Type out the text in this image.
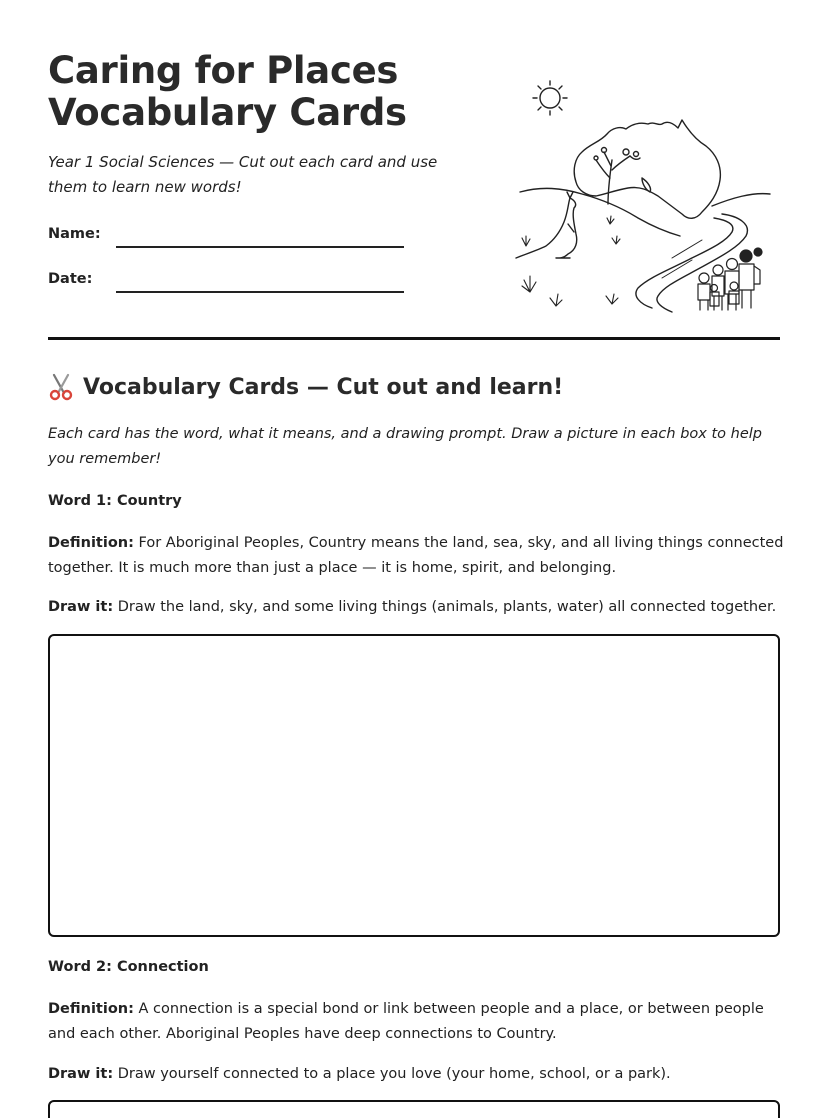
Caring for Places
Vocabulary Cards

Year 1 Social Sciences — Cut out each card and use them to learn new words!

Name:
Date:
Vocabulary Cards — Cut out and learn!

Each card has the word, what it means, and a drawing prompt. Draw a picture in each box to help you remember!

Word 1: Country

Definition: For Aboriginal Peoples, Country means the land, sea, sky, and all living things connected together. It is much more than just a place — it is home, spirit, and belonging.

Draw it: Draw the land, sky, and some living things (animals, plants, water) all connected together.

Word 2: Connection

Definition: A connection is a special bond or link between people and a place, or between people and each other. Aboriginal Peoples have deep connections to Country.

Draw it: Draw yourself connected to a place you love (your home, school, or a park).
